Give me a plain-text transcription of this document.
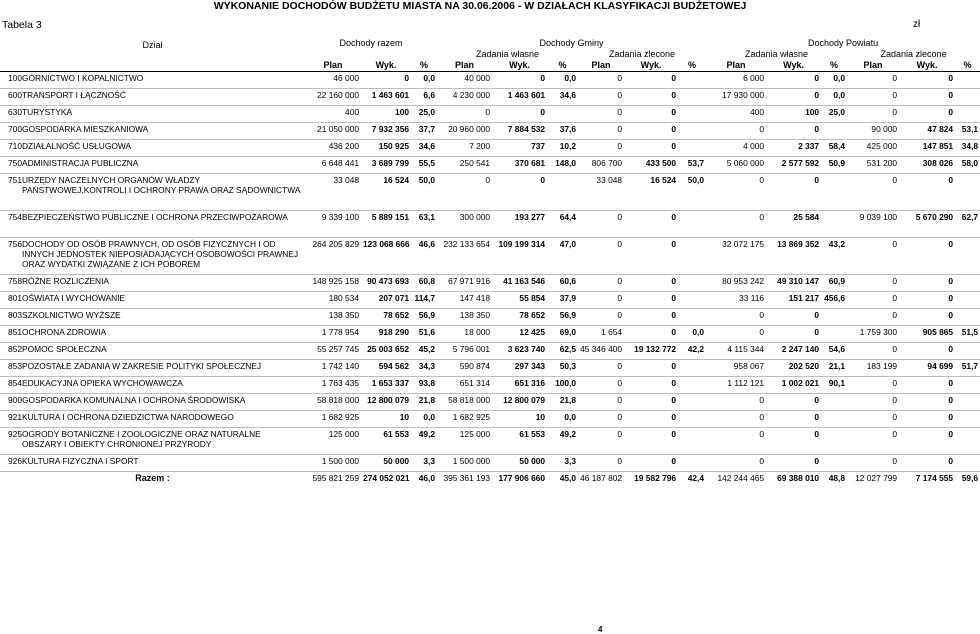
WYKONANIE DOCHODÓW BUDŻETU MIASTA NA 30.06.2006 - W DZIAŁACH KLASYFIKACJI BUDŻETOWEJ
Tabela 3	zł
Dział		Dochody razem			Dochody Gminy						Dochody Powiatu					
					Zadania własne			Zadania zlecone			Zadania własne			Zadania zlecone		
		Plan	Wyk.	%	Plan	Wyk.	%	Plan	Wyk.	%	Plan	Wyk.	%	Plan	Wyk.	%
100	GÓRNICTWO I KOPALNICTWO	46 000	0	0,0	40 000	0	0,0	0	0		6 000	0	0,0	0	0	
600	TRANSPORT I ŁĄCZNOŚĆ	22 160 000	1 463 601	6,6	4 230 000	1 463 601	34,6	0	0		17 930 000	0	0,0	0	0	
630	TURYSTYKA	400	100	25,0	0	0		0	0		400	100	25,0	0	0	
700	GOSPODARKA MIESZKANIOWA	21 050 000	7 932 356	37,7	20 960 000	7 884 532	37,6	0	0		0	0		90 000	47 824	53,1
710	DZIAŁALNOŚĆ USŁUGOWA	436 200	150 925	34,6	7 200	737	10,2	0	0		4 000	2 337	58,4	425 000	147 851	34,8
750	ADMINISTRACJA PUBLICZNA	6 648 441	3 689 799	55,5	250 541	370 681	148,0	806 700	433 500	53,7	5 060 000	2 577 592	50,9	531 200	308 026	58,0
751	URZĘDY NACZELNYCH ORGANÓW WŁADZY PAŃSTWOWEJ,KONTROLI I OCHRONY PRAWA ORAZ SĄDOWNICTWA	33 048	16 524	50,0	0	0		33 048	16 524	50,0	0	0		0	0	
754	BEZPIECZEŃSTWO PUBLICZNE I OCHRONA PRZECIWPOŻAROWA	9 339 100	5 889 151	63,1	300 000	193 277	64,4	0	0		0	25 584		9 039 100	5 670 290	62,7
756	DOCHODY OD OSÓB PRAWNYCH, OD OSÓB FIZYCZNYCH I OD INNYCH JEDNOSTEK NIEPOSIADAJĄCYCH OSOBOWOŚCI PRAWNEJ ORAZ WYDATKI ZWIĄZANE Z ICH POBOREM	264 205 829	123 068 666	46,6	232 133 654	109 199 314	47,0	0	0		32 072 175	13 869 352	43,2	0	0	
758	RÓŻNE ROZLICZENIA	148 925 158	90 473 693	60,8	67 971 916	41 163 546	60,6	0	0		80 953 242	49 310 147	60,9	0	0	
801	OŚWIATA I WYCHOWANIE	180 534	207 071	114,7	147 418	55 854	37,9	0	0		33 116	151 217	456,6	0	0	
803	SZKOLNICTWO WYŻSZE	138 350	78 652	56,9	138 350	78 652	56,9	0	0		0	0		0	0	
851	OCHRONA ZDROWIA	1 778 954	918 290	51,6	18 000	12 425	69,0	1 654	0	0,0	0	0		1 759 300	905 865	51,5
852	POMOC SPOŁECZNA	55 257 745	25 003 652	45,2	5 796 001	3 623 740	62,5	45 346 400	19 132 772	42,2	4 115 344	2 247 140	54,6	0	0	
853	POZOSTAŁE ZADANIA W ZAKRESIE POLITYKI SPOŁECZNEJ	1 742 140	594 562	34,3	590 874	297 343	50,3	0	0		958 067	202 520	21,1	183 199	94 699	51,7
854	EDUKACYJNA OPIEKA WYCHOWAWCZA	1 763 435	1 653 337	93,8	651 314	651 316	100,0	0	0		1 112 121	1 002 021	90,1	0	0	
900	GOSPODARKA KOMUNALNA I OCHRONA ŚRODOWISKA	58 818 000	12 800 079	21,8	58 818 000	12 800 079	21,8	0	0		0	0		0	0	
921	KULTURA I OCHRONA DZIEDZICTWA NARODOWEGO	1 682 925	10	0,0	1 682 925	10	0,0	0	0		0	0		0	0	
925	OGRODY BOTANICZNE I ZOOLOGICZNE ORAZ NATURALNE OBSZARY I OBIEKTY CHRONIONEJ PRZYRODY	125 000	61 553	49,2	125 000	61 553	49,2	0	0		0	0		0	0	
926	KULTURA FIZYCZNA I SPORT	1 500 000	50 000	3,3	1 500 000	50 000	3,3	0	0		0	0		0	0	
Razem :		595 821 259	274 052 021	46,0	395 361 193	177 906 660	45,0	46 187 802	19 582 796	42,4	142 244 465	69 388 010	48,8	12 027 799	7 174 555	59,6
4
